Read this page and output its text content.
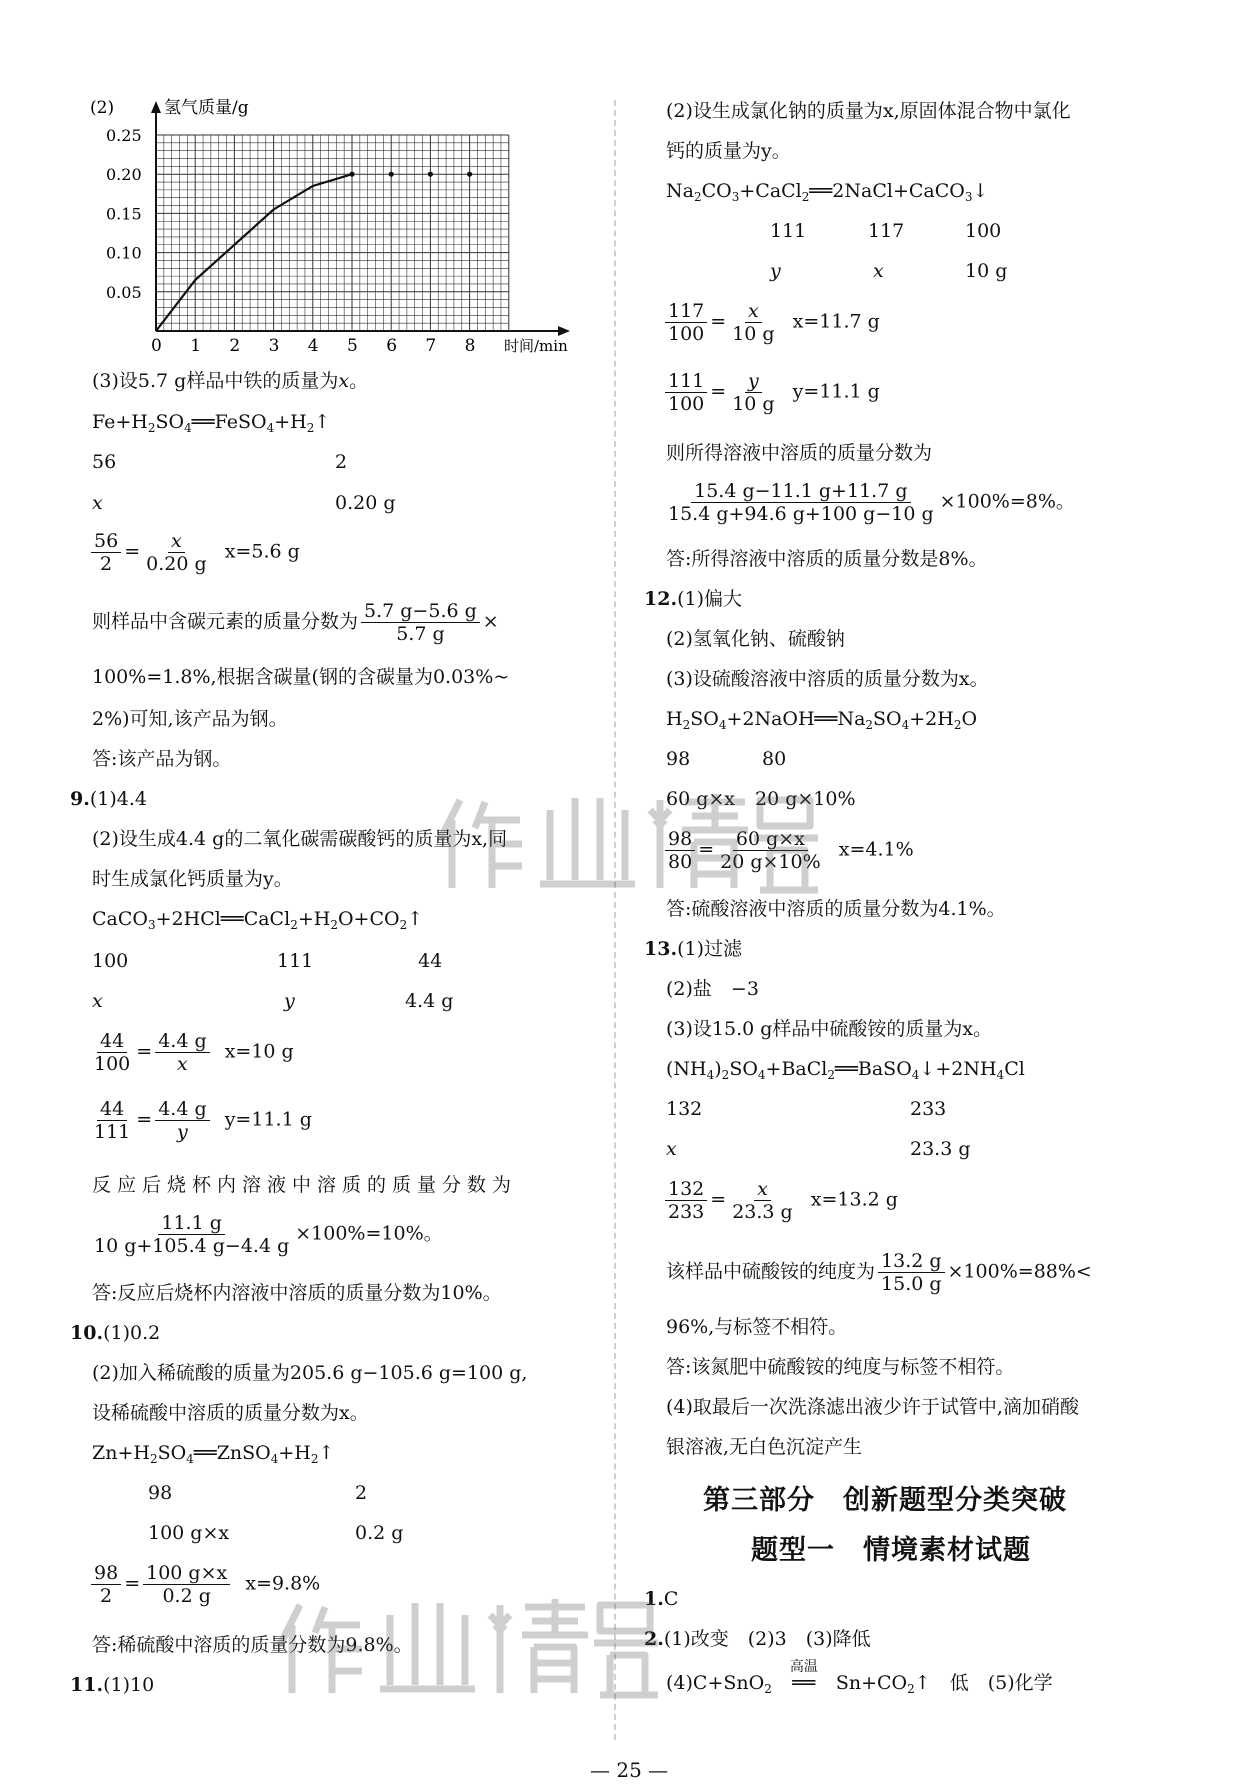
(2)	氢气质量/g
时间/min
0 1 2 3 4 5 6 7 8
0.05
0.10
0.15
0.20
0.25
(3)设5.7 g样品中铁的质量为x。
$Fe+H_2SO_4══FeSO_4+H_2↑$
56	2
x	0.20 g
$\frac{56}{2} = \frac{x}{0.20 g} x=5.6$ g
则样品中含碳元素的质量分数为 $\frac{5.7 g-5.6 g}{5.7 g}$ ×
100%=1.8%,根据含碳量(钢的含碳量为0.03%~
2%)可知,该产品为钢。
答:该产品为钢。
9.(1)4.4
(2)设生成4.4 g的二氧化碳需碳酸钙的质量为x,同
时生成氯化钙质量为y。
$CaCO_3+2HCl══CaCl_2+H_2O+CO_2↑$
100	111	44
x	y	4.4 g
$\frac{44}{100} = \frac{4.4 g}{x} x=10$ g
$\frac{44}{111} = \frac{4.4 g}{y} y=11.1$ g
反应后烧杯内溶液中溶质的质量分数为
$\frac{11.1 g}{10 g+105.4 g-4.4 g} \times 100\%=10\%$。
答:反应后烧杯内溶液中溶质的质量分数为10%。
10.(1)0.2
(2)加入稀硫酸的质量为205.6 g−105.6 g=100 g,
设稀硫酸中溶质的质量分数为x。
$Zn+H_2SO_4══ZnSO_4+H_2↑$
98	2
100 g×x	0.2 g
$\frac{98}{2} = \frac{100 g\times x}{0.2 g} x=9.8\%$
答:稀硫酸中溶质的质量分数为9.8%。
11.(1)10
(2)设生成氯化钠的质量为x,原固体混合物中氯化
钙的质量为y。
$Na_2CO_3+CaCl_2══2NaCl+CaCO_3↓$
111	117	100
y	x	10 g
$\frac{117}{100} = \frac{x}{10 g} x=11.7$ g
$\frac{111}{100} = \frac{y}{10 g} y=11.1$ g
则所得溶液中溶质的质量分数为
$\frac{15.4 g-11.1 g+11.7 g}{15.4 g+94.6 g+100 g-10 g} \times 100\%=8\%$。
答:所得溶液中溶质的质量分数是8%。
12.(1)偏大
(2)氢氧化钠、硫酸钠
(3)设硫酸溶液中溶质的质量分数为x。
$H_2SO_4+2NaOH══Na_2SO_4+2H_2O$
98	80
60 g×x 20 g×10%
$\frac{98}{80} = \frac{60 g\times x}{20 g\times 10\%} x=4.1\%$
答:硫酸溶液中溶质的质量分数为4.1%。
13.(1)过滤
(2)盐　−3
(3)设15.0 g样品中硫酸铵的质量为x。
$(NH_4)_2SO_4+BaCl_2══BaSO_4↓+2NH_4Cl$
132	233
x	23.3 g
$\frac{132}{233} = \frac{x}{23.3 g} x=13.2$ g
该样品中硫酸铵的纯度为 $\frac{13.2 g}{15.0 g} \times 100\%=88\%<$
96%,与标签不相符。
答:该氮肥中硫酸铵的纯度与标签不相符。
(4)取最后一次洗涤滤出液少许于试管中,滴加硝酸
银溶液,无白色沉淀产生
第三部分　创新题型分类突破
题型一　情境素材试题
1.C
2.(1)改变　(2)3　(3)降低
(4)C+SnO$_2$
高温
══ $Sn+CO_2↑$　低　(5)化学
— 25 —
